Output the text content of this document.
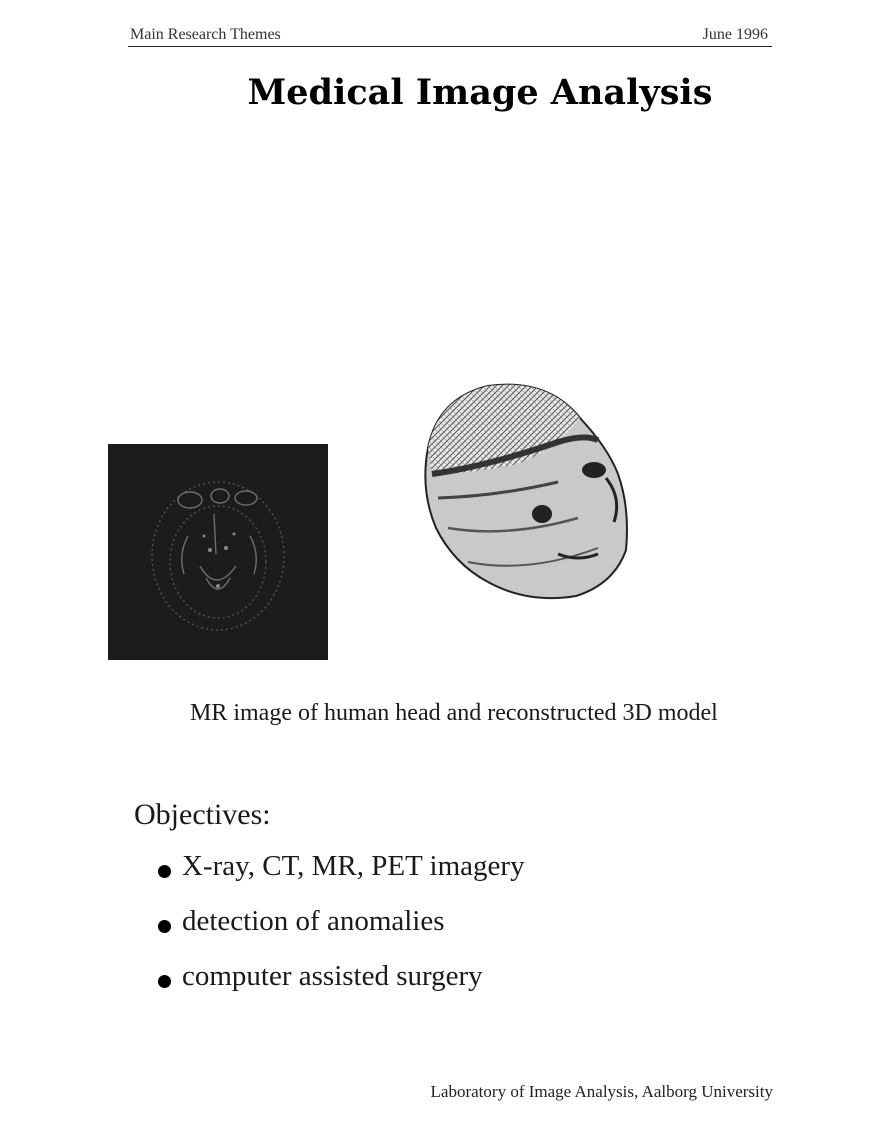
Main Research Themes	June 1996
Medical Image Analysis
MR image of human head and reconstructed 3D model
Objectives:
X-ray, CT, MR, PET imagery
detection of anomalies
computer assisted surgery
Laboratory of Image Analysis, Aalborg University
